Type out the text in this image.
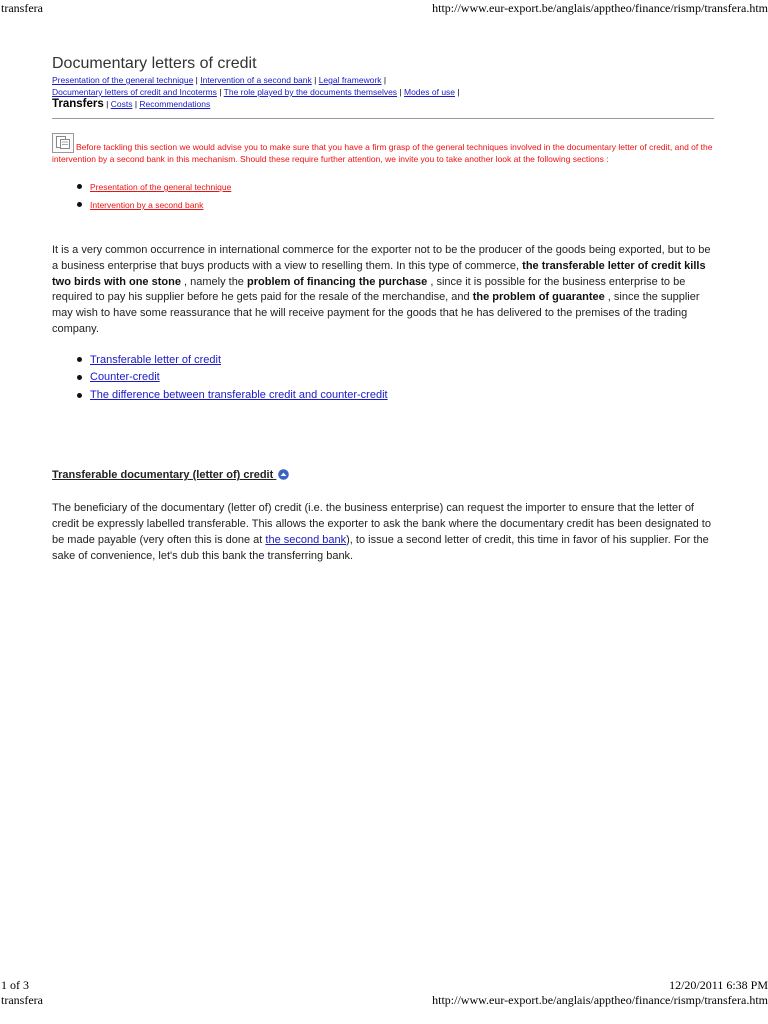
transfera	http://www.eur-export.be/anglais/apptheo/finance/rismp/transfera.htm
Documentary letters of credit
Presentation of the general technique | Intervention of a second bank | Legal framework |
Documentary letters of credit and Incoterms | The role played by the documents themselves | Modes of use |
Transfers | Costs | Recommendations
Before tackling this section we would advise you to make sure that you have a firm grasp of the general techniques involved in the documentary letter of credit, and of the intervention by a second bank in this mechanism. Should these require further attention, we invite you to take another look at the following sections :
Presentation of the general technique
Intervention by a second bank

It is a very common occurrence in international commerce for the exporter not to be the producer of the goods being exported, but to be a business enterprise that buys products with a view to reselling them. In this type of commerce, the transferable letter of credit kills two birds with one stone , namely the problem of financing the purchase , since it is possible for the business enterprise to be required to pay his supplier before he gets paid for the resale of the merchandise, and the problem of guarantee , since the supplier may wish to have some reassurance that he will receive payment for the goods that he has delivered to the premises of the trading company.

Transferable letter of credit
Counter-credit
The difference between transferable credit and counter-credit
Transferable documentary (letter of) credit

The beneficiary of the documentary (letter of) credit (i.e. the business enterprise) can request the importer to ensure that the letter of credit be expressly labelled transferable. This allows the exporter to ask the bank where the documentary credit has been designated to be made payable (very often this is done at the second bank), to issue a second letter of credit, this time in favor of his supplier. For the sake of convenience, let's dub this bank the transferring bank.

1 of 3	12/20/2011 6:38 PM
transfera	http://www.eur-export.be/anglais/apptheo/finance/rismp/transfera.htm
